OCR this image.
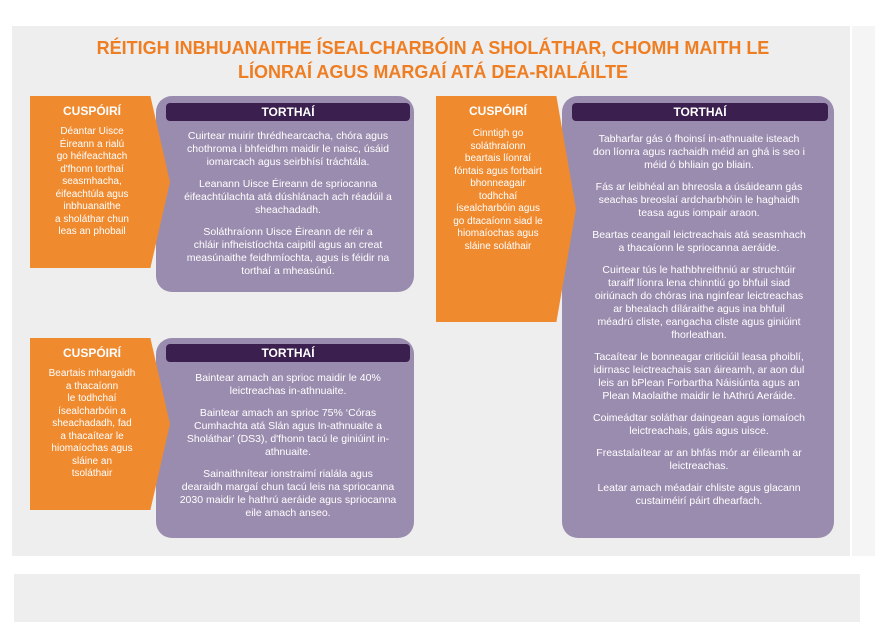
RÉITIGH INBHUANAITHE ÍSEALCHARBÓIN A SHOLÁTHAR, CHOMH MAITH LE
LÍONRAÍ AGUS MARGAÍ ATÁ DEA-RIALÁILTE
TORTHAÍ

Cuirtear muirir thrédhearcacha, chóra agus
chothroma i bhfeidhm maidir le naisc, úsáid
iomarcach agus seirbhísí tráchtála.

Leanann Uisce Éireann de spriocanna
éifeachtúlachta atá dúshlánach ach réadúil a
sheachadadh.

Soláthraíonn Uisce Éireann de réir a
chláir infheistíochta caipitil agus an creat
measúnaithe feidhmíochta, agus is féidir na
torthaí a mheasúnú.

CUSPÓIRÍ
Déantar Uisce
Éireann a rialú
go héifeachtach
d'fhonn torthaí
seasmhacha,
éifeachtúla agus
inbhuanaithe
a sholáthar chun
leas an phobail
TORTHAÍ

Baintear amach an sprioc maidir le 40%
leictreachas in-athnuaite.

Baintear amach an sprioc 75% ‘Córas
Cumhachta atá Slán agus In-athnuaite a
Sholáthar’ (DS3), d'fhonn tacú le giniúint in-
athnuaite.

Sainaithnítear ionstraimí rialála agus
dearaidh margaí chun tacú leis na spriocanna
2030 maidir le hathrú aeráide agus spriocanna
eile amach anseo.

CUSPÓIRÍ
Beartais mhargaidh
a thacaíonn
le todhchaí
ísealcharbóin a
sheachadadh, fad
a thacaítear le
hiomaíochas agus
sláine an
tsoláthair
TORTHAÍ

Tabharfar gás ó fhoinsí in-athnuaite isteach
don líonra agus rachaidh méid an ghá is seo i
méid ó bhliain go bliain.

Fás ar leibhéal an bhreosla a úsáideann gás
seachas breoslaí ardcharbhóin le haghaidh
teasa agus iompair araon.

Beartas ceangail leictreachais atá seasmhach
a thacaíonn le spriocanna aeráide.

Cuirtear tús le hathbhreithniú ar struchtúir
taraiff líonra lena chinntiú go bhfuil siad
oiriúnach do chóras ina nginfear leictreachas
ar bhealach díláraithe agus ina bhfuil
méadrú cliste, eangacha cliste agus giniúint
fhorleathan.

Tacaítear le bonneagar criticiúil leasa phoiblí,
idirnasc leictreachais san áireamh, ar aon dul
leis an bPlean Forbartha Náisiúnta agus an
Plean Maolaithe maidir le hAthrú Aeráide.

Coimeádtar soláthar daingean agus iomaíoch
leictreachais, gáis agus uisce.

Freastalaítear ar an bhfás mór ar éileamh ar
leictreachas.

Leatar amach méadair chliste agus glacann
custaiméirí páirt dhearfach.

CUSPÓIRÍ
Cinntigh go
soláthraíonn
beartais líonraí
fóntais agus forbairt
bhonneagair
todhchaí
ísealcharbóin agus
go dtacaíonn siad le
hiomaíochas agus
sláine soláthair
